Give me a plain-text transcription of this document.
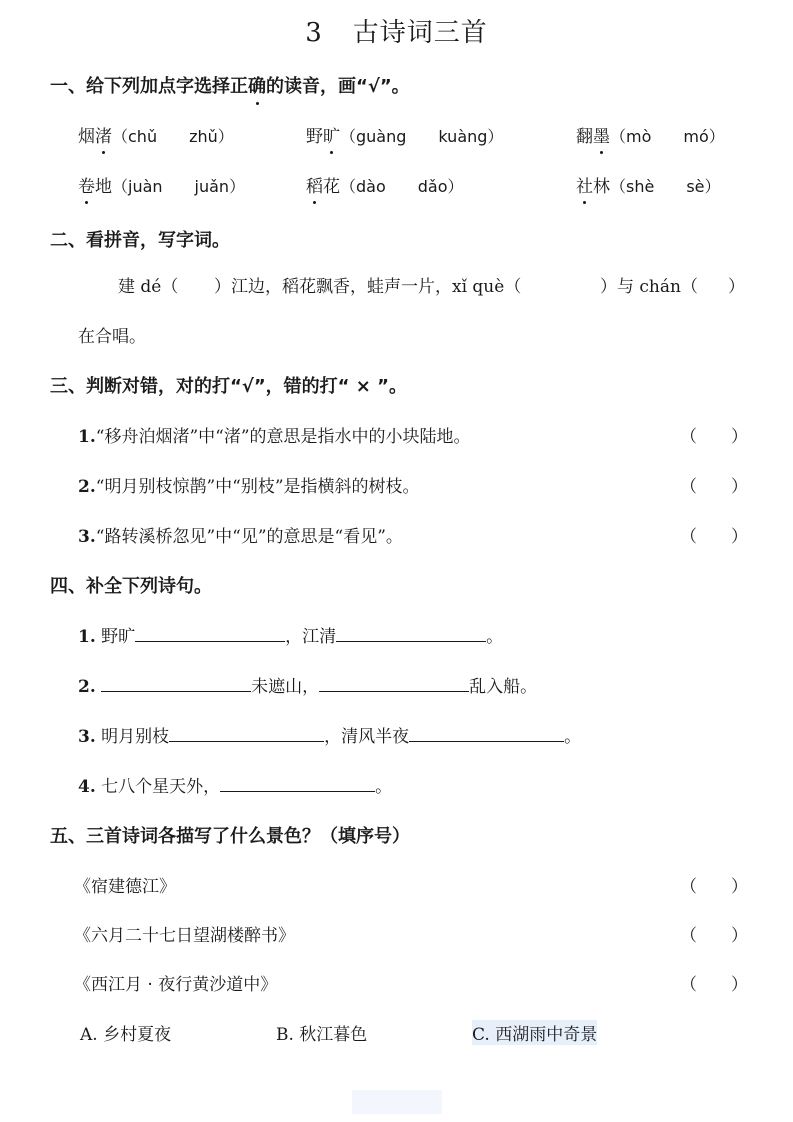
3 古诗词三首
一、给下列加点字选择正确的读音，画“√”。
烟渚（chǔ　　zhǔ）	野旷（guàng　　kuàng）	翻墨（mò　　mó）
卷地（juàn　　juǎn）	稻花（dào　　dǎo）	社林（shè　　sè）
二、看拼音，写字词。
建 dé（ ）江边，稻花飘香，蛙声一片，xǐ què（	）与 chán（ ）
在合唱。
三、判断对错，对的打“√”，错的打“ × ”。
1.“移舟泊烟渚”中“渚”的意思是指水中的小块陆地。	（　　）
2.“明月别枝惊鹊”中“别枝”是指横斜的树枝。	（　　）
3.“路转溪桥忽见”中“见”的意思是“看见”。	（　　）
四、补全下列诗句。
1. 野旷	，江清	。
2.	未遮山，	乱入船。
3. 明月别枝	，清风半夜	。
4. 七八个星天外，	。
五、三首诗词各描写了什么景色？（填序号）
《宿建德江》	（　　）
《六月二十七日望湖楼醉书》	（　　）
《西江月 · 夜行黄沙道中》	（　　）
A. 乡村夏夜	B. 秋江暮色	C. 西湖雨中奇景
